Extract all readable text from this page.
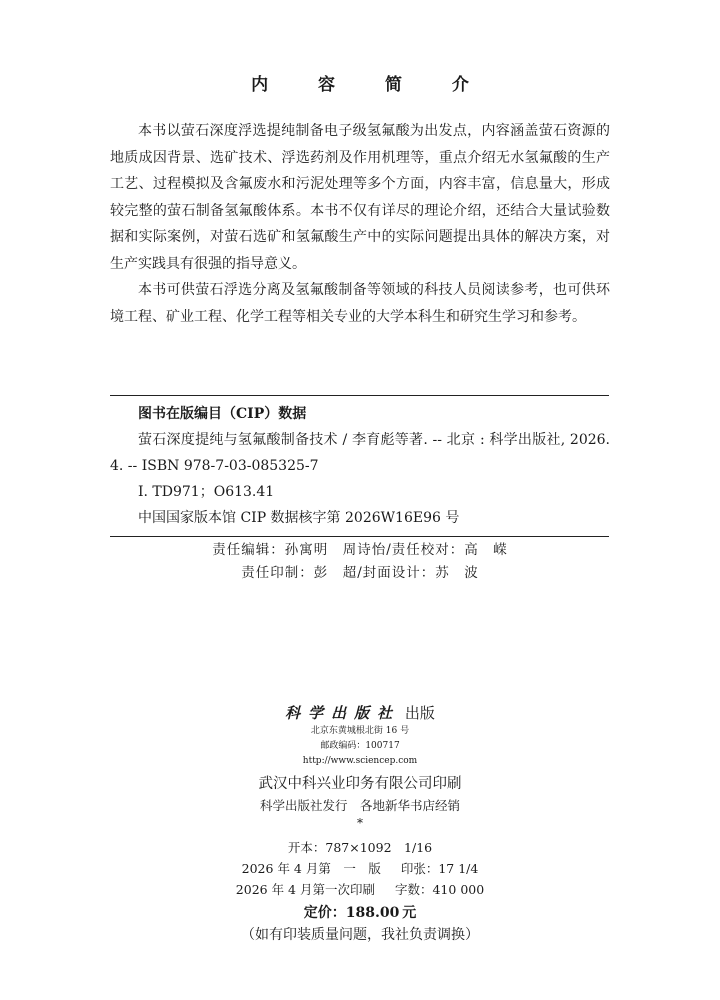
内 容 简 介

本书以萤石深度浮选提纯制备电子级氢氟酸为出发点，内容涵盖萤石资源的地质成因背景、选矿技术、浮选药剂及作用机理等，重点介绍无水氢氟酸的生产工艺、过程模拟及含氟废水和污泥处理等多个方面，内容丰富，信息量大，形成较完整的萤石制备氢氟酸体系。本书不仅有详尽的理论介绍，还结合大量试验数据和实际案例，对萤石选矿和氢氟酸生产中的实际问题提出具体的解决方案，对生产实践具有很强的指导意义。

本书可供萤石浮选分离及氢氟酸制备等领域的科技人员阅读参考，也可供环境工程、矿业工程、化学工程等相关专业的大学本科生和研究生学习和参考。

图书在版编目（CIP）数据
萤石深度提纯与氢氟酸制备技术 / 李育彪等著. -- 北京 : 科学出版社, 2026. 4. -- ISBN 978-7-03-085325-7
I. TD971；O613.41
中国国家版本馆 CIP 数据核字第 2026W16E96 号
责任编辑：孙寓明　周诗怡/责任校对：高　嵘
责任印制：彭　超/封面设计：苏　波
科学出版社 出版
北京东黄城根北街 16 号
邮政编码：100717
http://www.sciencep.com
武汉中科兴业印务有限公司印刷
科学出版社发行　各地新华书店经销
*
开本：787×1092　1/16
2026 年 4 月第　一　版 印张：17 1/4
2026 年 4 月第一次印刷 字数：410 000
定价：188.00  元
（如有印装质量问题，我社负责调换）
